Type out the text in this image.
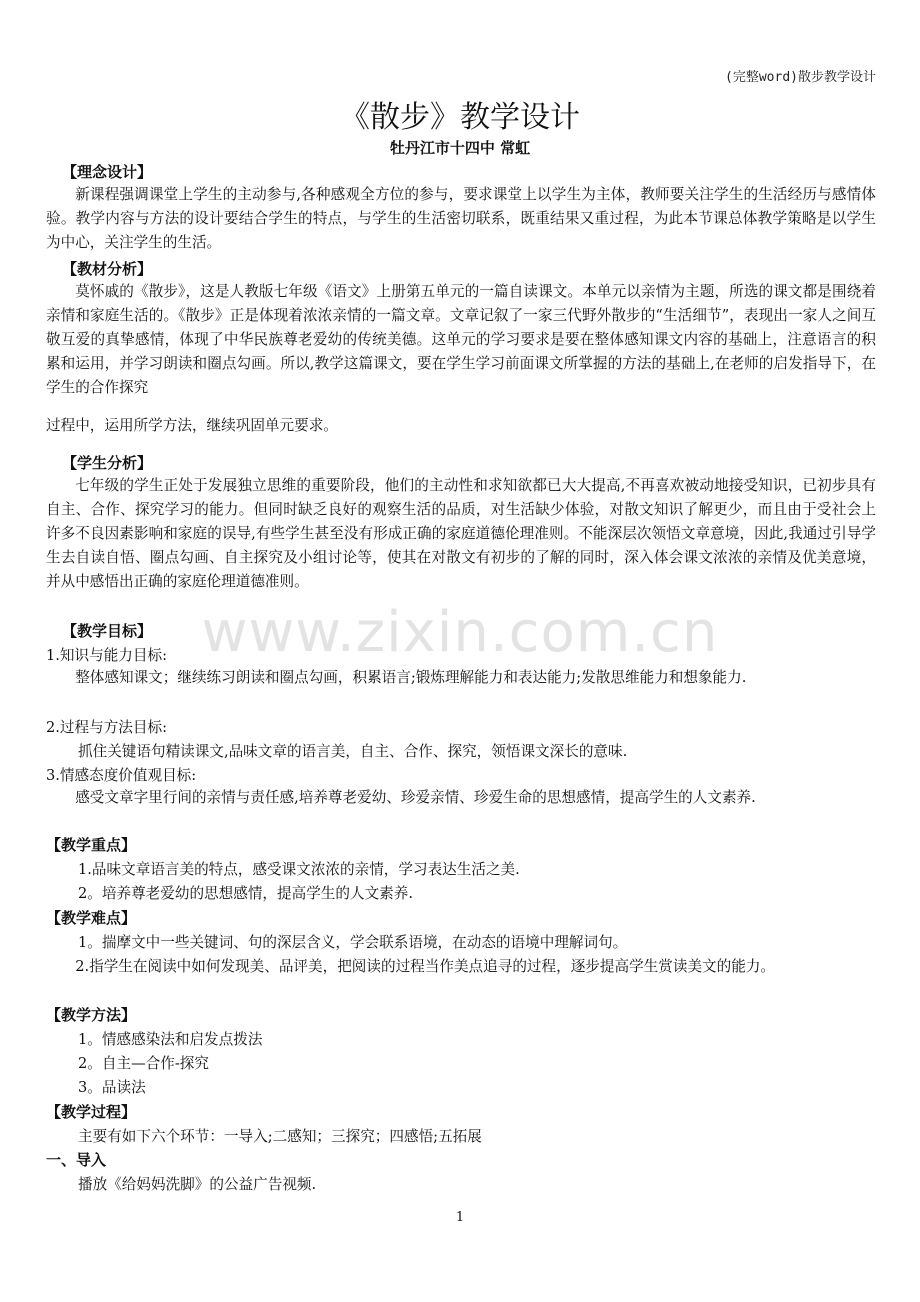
(完整word)散步教学设计
www.zixin.com.cn
《散步》教学设计
牡丹江市十四中 常虹
【理念设计】
新课程强调课堂上学生的主动参与,各种感观全方位的参与，要求课堂上以学生为主体，教师要关注学生的生活经历与感情体验。教学内容与方法的设计要结合学生的特点，与学生的生活密切联系，既重结果又重过程，为此本节课总体教学策略是以学生为中心，关注学生的生活。
【教材分析】
莫怀戚的《散步》，这是人教版七年级《语文》上册第五单元的一篇自读课文。本单元以亲情为主题，所选的课文都是围绕着亲情和家庭生活的。《散步》正是体现着浓浓亲情的一篇文章。文章记叙了一家三代野外散步的“生活细节”，表现出一家人之间互敬互爱的真挚感情，体现了中华民族尊老爱幼的传统美德。这单元的学习要求是要在整体感知课文内容的基础上，注意语言的积累和运用，并学习朗读和圈点勾画。所以,教学这篇课文，要在学生学习前面课文所掌握的方法的基础上,在老师的启发指导下，在学生的合作探究
过程中，运用所学方法，继续巩固单元要求。
【学生分析】
七年级的学生正处于发展独立思维的重要阶段，他们的主动性和求知欲都已大大提高,不再喜欢被动地接受知识，已初步具有自主、合作、探究学习的能力。但同时缺乏良好的观察生活的品质，对生活缺少体验，对散文知识了解更少，而且由于受社会上许多不良因素影响和家庭的误导,有些学生甚至没有形成正确的家庭道德伦理准则。不能深层次领悟文章意境，因此,我通过引导学生去自读自悟、圈点勾画、自主探究及小组讨论等，使其在对散文有初步的了解的同时，深入体会课文浓浓的亲情及优美意境，并从中感悟出正确的家庭伦理道德准则。
【教学目标】
1.知识与能力目标:
整体感知课文；继续练习朗读和圈点勾画，积累语言;锻炼理解能力和表达能力;发散思维能力和想象能力.
2.过程与方法目标:
抓住关键语句精读课文,品味文章的语言美，自主、合作、探究，领悟课文深长的意味.
3.情感态度价值观目标:
感受文章字里行间的亲情与责任感,培养尊老爱幼、珍爱亲情、珍爱生命的思想感情，提高学生的人文素养.
【教学重点】
1.品味文章语言美的特点，感受课文浓浓的亲情，学习表达生活之美.
2。培养尊老爱幼的思想感情，提高学生的人文素养.
【教学难点】
1。揣摩文中一些关键词、句的深层含义，学会联系语境，在动态的语境中理解词句。
2.指学生在阅读中如何发现美、品评美，把阅读的过程当作美点追寻的过程，逐步提高学生赏读美文的能力。
【教学方法】
1。情感感染法和启发点拨法
2。自主—合作-探究
3。品读法
【教学过程】
主要有如下六个环节：一导入;二感知；三探究；四感悟;五拓展
一、导入
播放《给妈妈洗脚》的公益广告视频.
1
